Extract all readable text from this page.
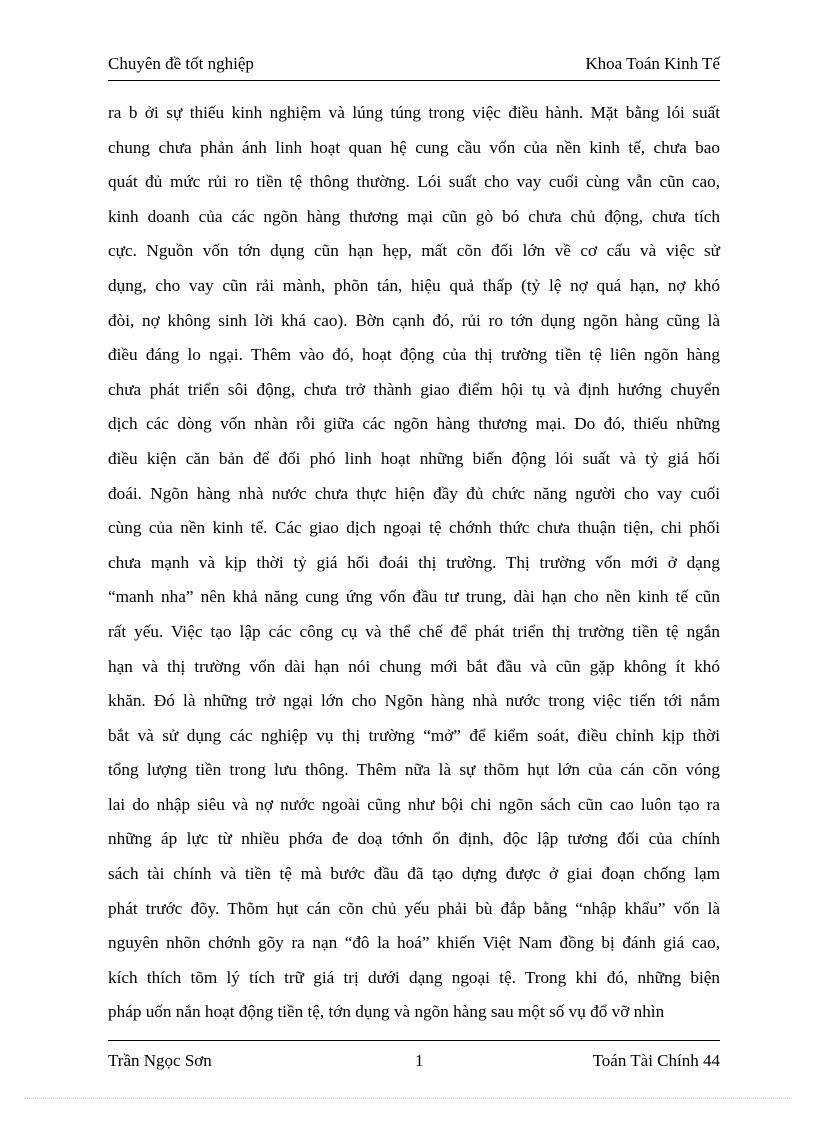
Chuyên đề tốt nghiệp	Khoa Toán Kinh Tế
ra b ởi sự thiếu kinh nghiệm và lúng túng trong việc điều hành. Mặt bằng lói suất
chung chưa phản ánh linh hoạt quan hệ cung cầu vốn của nền kinh tế, chưa bao
quát đủ mức rủi ro tiền tệ thông thường. Lói suất cho vay cuối cùng vẫn cũn cao,
kinh doanh của các ngõn hàng thương mại cũn gò bó chưa chủ động, chưa tích
cực. Nguồn vốn tớn dụng cũn hạn hẹp, mất cõn đối lớn về cơ cấu và việc sử
dụng, cho vay cũn rải mành, phõn tán, hiệu quả thấp (tỷ lệ nợ quá hạn, nợ khó
đòi, nợ không sinh lời khá cao). Bờn cạnh đó, rủi ro tớn dụng ngõn hàng cũng là
điều đáng lo ngại. Thêm vào đó, hoạt động của thị trường tiền tệ liên ngõn hàng
chưa phát triển sôi động, chưa trở thành giao điểm hội tụ và định hướng chuyển
dịch các dòng vốn nhàn rỗi giữa các ngõn hàng thương mại. Do đó, thiếu những
điều kiện căn bản để đối phó linh hoạt những biến động lói suất và tỷ giá hối
đoái. Ngõn hàng nhà nước chưa thực hiện đầy đủ chức năng người cho vay cuối
cùng của nền kinh tế. Các giao dịch ngoại tệ chớnh thức chưa thuận tiện, chi phối
chưa mạnh và kịp thời tỷ giá hối đoái thị trường. Thị trường vốn mới ở dạng
“manh nha” nên khả năng cung ứng vốn đầu tư trung, dài hạn cho nền kinh tế cũn
rất yếu. Việc tạo lập các công cụ và thể chế để phát triển thị trường tiền tệ ngắn
hạn và thị trường vốn dài hạn nói chung mới bắt đầu và cũn gặp không ít khó
khăn. Đó là những trở ngại lớn cho Ngõn hàng nhà nước trong việc tiến tới nắm
bắt và sử dụng các nghiệp vụ thị trường “mở” để kiểm soát, điều chỉnh kịp thời
tổng lượng tiền trong lưu thông. Thêm nữa là sự thõm hụt lớn của cán cõn vóng
lai do nhập siêu và nợ nước ngoài cũng như bội chi ngõn sách cũn cao luôn tạo ra
những áp lực từ nhiều phớa đe doạ tớnh ổn định, độc lập tương đối của chính
sách tài chính và tiền tệ mà bước đầu đã tạo dựng được ở giai đoạn chống lạm
phát trước đõy. Thõm hụt cán cõn chủ yếu phải bù đắp bằng “nhập khẩu” vốn là
nguyên nhõn chớnh gõy ra nạn “đô la hoá” khiến Việt Nam đồng bị đánh giá cao,
kích thích tõm lý tích trữ giá trị dưới dạng ngoại tệ. Trong khi đó, những biện
pháp uốn nắn hoạt động tiền tệ, tớn dụng và ngõn hàng sau một số vụ đổ vỡ nhìn
Trần Ngọc Sơn	1	Toán Tài Chính 44
